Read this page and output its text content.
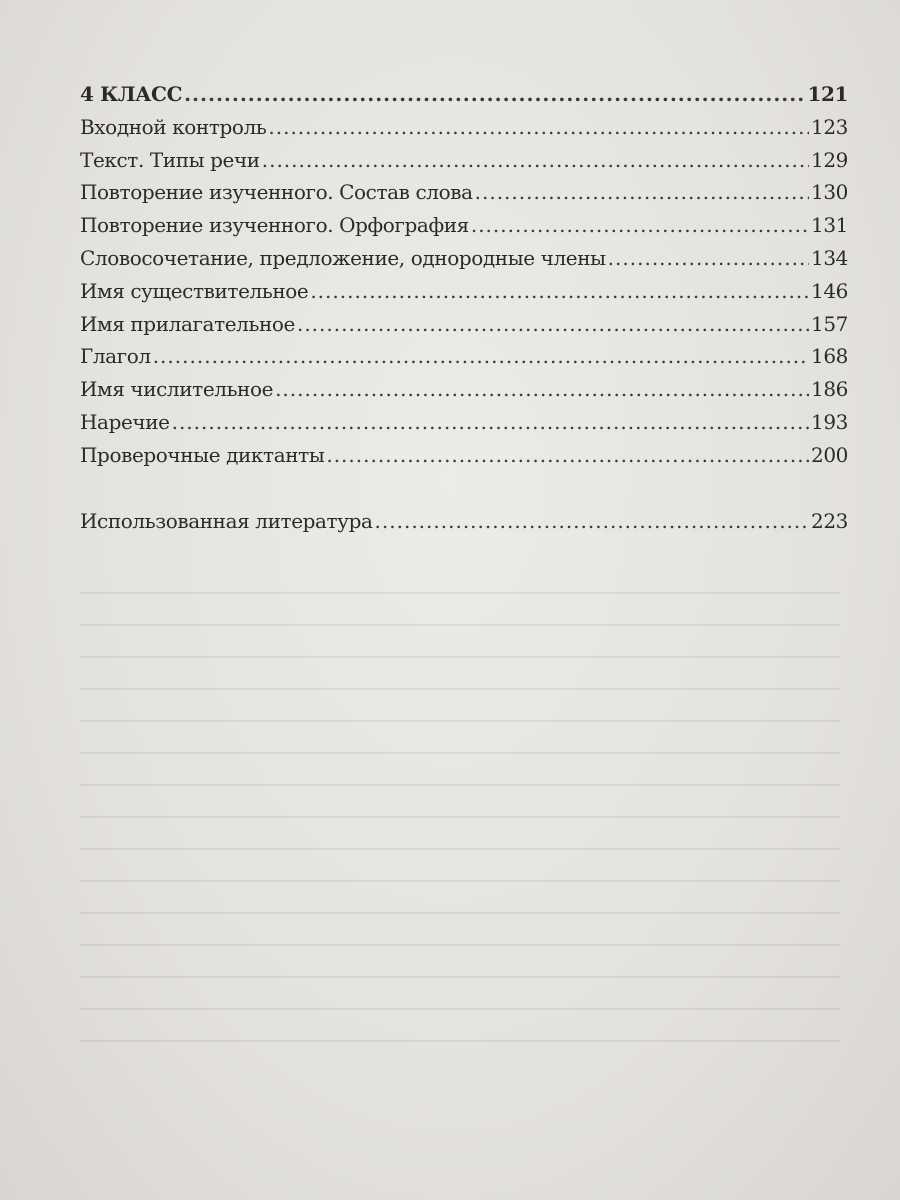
4 КЛАСС .....	121
Входной контроль .....	123
Текст. Типы речи .....	129
Повторение изученного. Состав слова .....	130
Повторение изученного. Орфография .....	131
Словосочетание, предложение, однородные члены .....	134
Имя существительное .....	146
Имя прилагательное .....	157
Глагол .....	168
Имя числительное .....	186
Наречие .....	193
Проверочные диктанты .....	200
Использованная литература .....	223
